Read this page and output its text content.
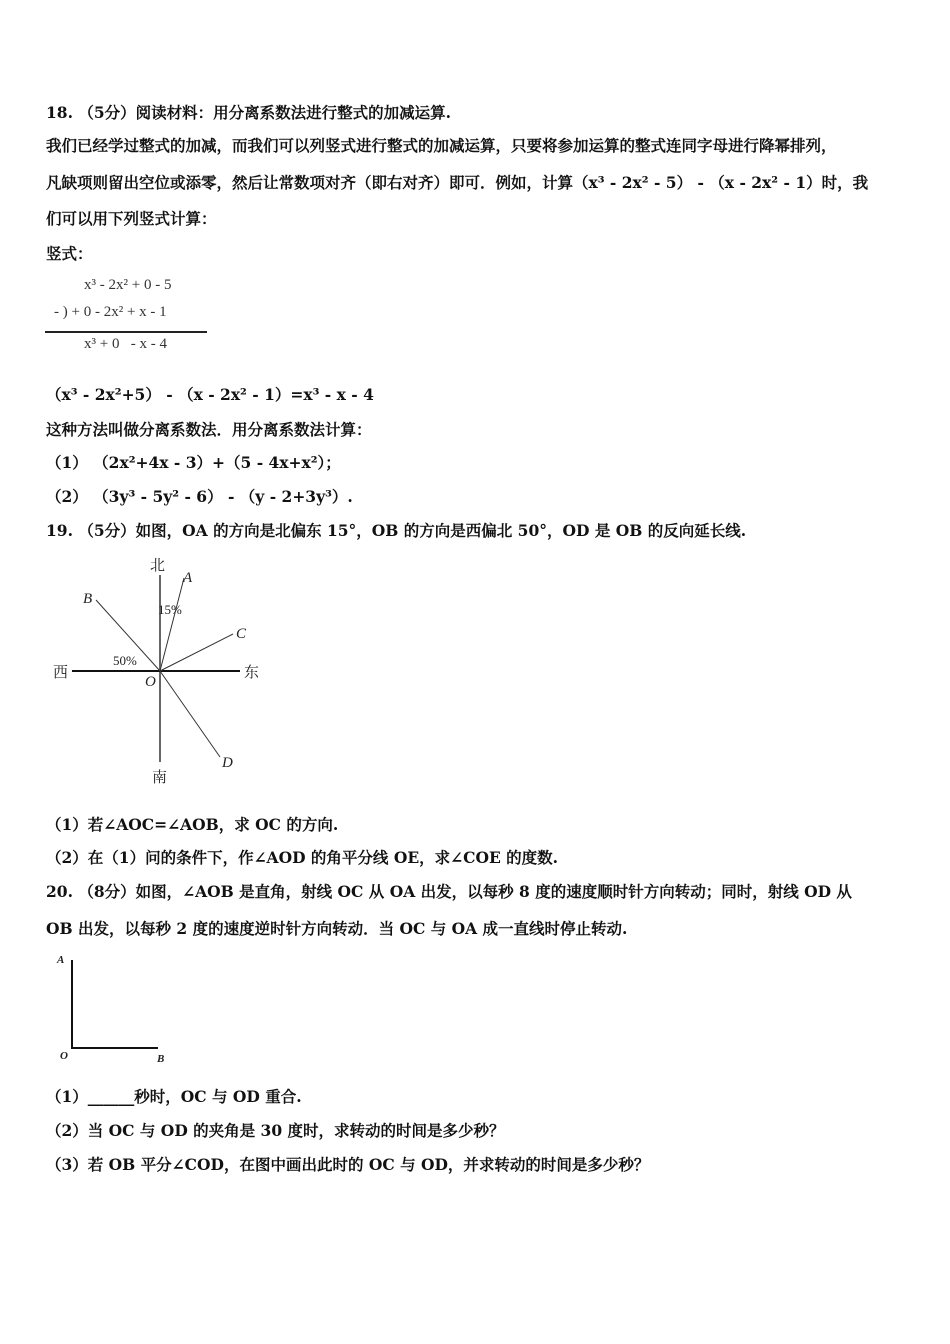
18. （5分）阅读材料：用分离系数法进行整式的加减运算.
我们已经学过整式的加减，而我们可以列竖式进行整式的加减运算，只要将参加运算的整式连同字母进行降幂排列，
凡缺项则留出空位或添零，然后让常数项对齐（即右对齐）即可．例如，计算（x³ - 2x² - 5） - （x - 2x² - 1）时，我
们可以用下列竖式计算：
竖式：
x³ - 2x² + 0 - 5
- ) + 0 - 2x² + x - 1
x³ + 0   - x - 4
（x³ - 2x²+5） - （x - 2x² - 1）=x³ - x - 4
这种方法叫做分离系数法．用分离系数法计算：
（1） （2x²+4x - 3）+（5 - 4x+x²）；
（2） （3y³ - 5y² - 6） - （y - 2+3y³）.
19. （5分）如图，OA 的方向是北偏东 15°，OB 的方向是西偏北 50°，OD 是 OB 的反向延长线.
北
南
西	东
A
B
C
D
O
15%
50%
（1）若∠AOC=∠AOB，求 OC 的方向.
（2）在（1）问的条件下，作∠AOD 的角平分线 OE，求∠COE 的度数.
20. （8分）如图，∠AOB 是直角，射线 OC 从 OA 出发，以每秒 8 度的速度顺时针方向转动；同时，射线 OD 从
OB 出发，以每秒 2 度的速度逆时针方向转动．当 OC 与 OA 成一直线时停止转动.
A
O	B
（1）______秒时，OC 与 OD 重合.
（2）当 OC 与 OD 的夹角是 30 度时，求转动的时间是多少秒？
（3）若 OB 平分∠COD，在图中画出此时的 OC 与 OD，并求转动的时间是多少秒？
